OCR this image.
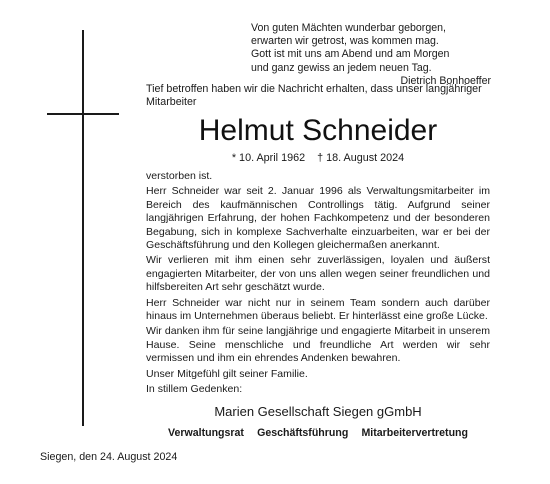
Von guten Mächten wunderbar geborgen,
erwarten wir getrost, was kommen mag.
Gott ist mit uns am Abend und am Morgen
und ganz gewiss an jedem neuen Tag.
Dietrich Bonhoeffer
Tief betroffen haben wir die Nachricht erhalten, dass unser langjähriger Mitarbeiter
Helmut Schneider
* 10. April 1962    † 18. August 2024

verstorben ist.

Herr Schneider war seit 2. Januar 1996 als Verwaltungsmitarbeiter im Bereich des kaufmännischen Controllings tätig. Aufgrund seiner langjährigen Erfahrung, der hohen Fachkompetenz und der besonderen Begabung, sich in komplexe Sachverhalte einzuarbeiten, war er bei der Geschäftsführung und den Kollegen gleichermaßen anerkannt.

Wir verlieren mit ihm einen sehr zuverlässigen, loyalen und äußerst engagierten Mitarbeiter, der von uns allen wegen seiner freundlichen und hilfsbereiten Art sehr geschätzt wurde.

Herr Schneider war nicht nur in seinem Team sondern auch darüber hinaus im Unternehmen überaus beliebt. Er hinterlässt eine große Lücke.

Wir danken ihm für seine langjährige und engagierte Mitarbeit in unserem Hause. Seine menschliche und freundliche Art werden wir sehr vermissen und ihm ein ehrendes Andenken bewahren.

Unser Mitgefühl gilt seiner Familie.

In stillem Gedenken:

Marien Gesellschaft Siegen gGmbH
Verwaltungsrat Geschäftsführung Mitarbeitervertretung
Siegen, den 24. August 2024
